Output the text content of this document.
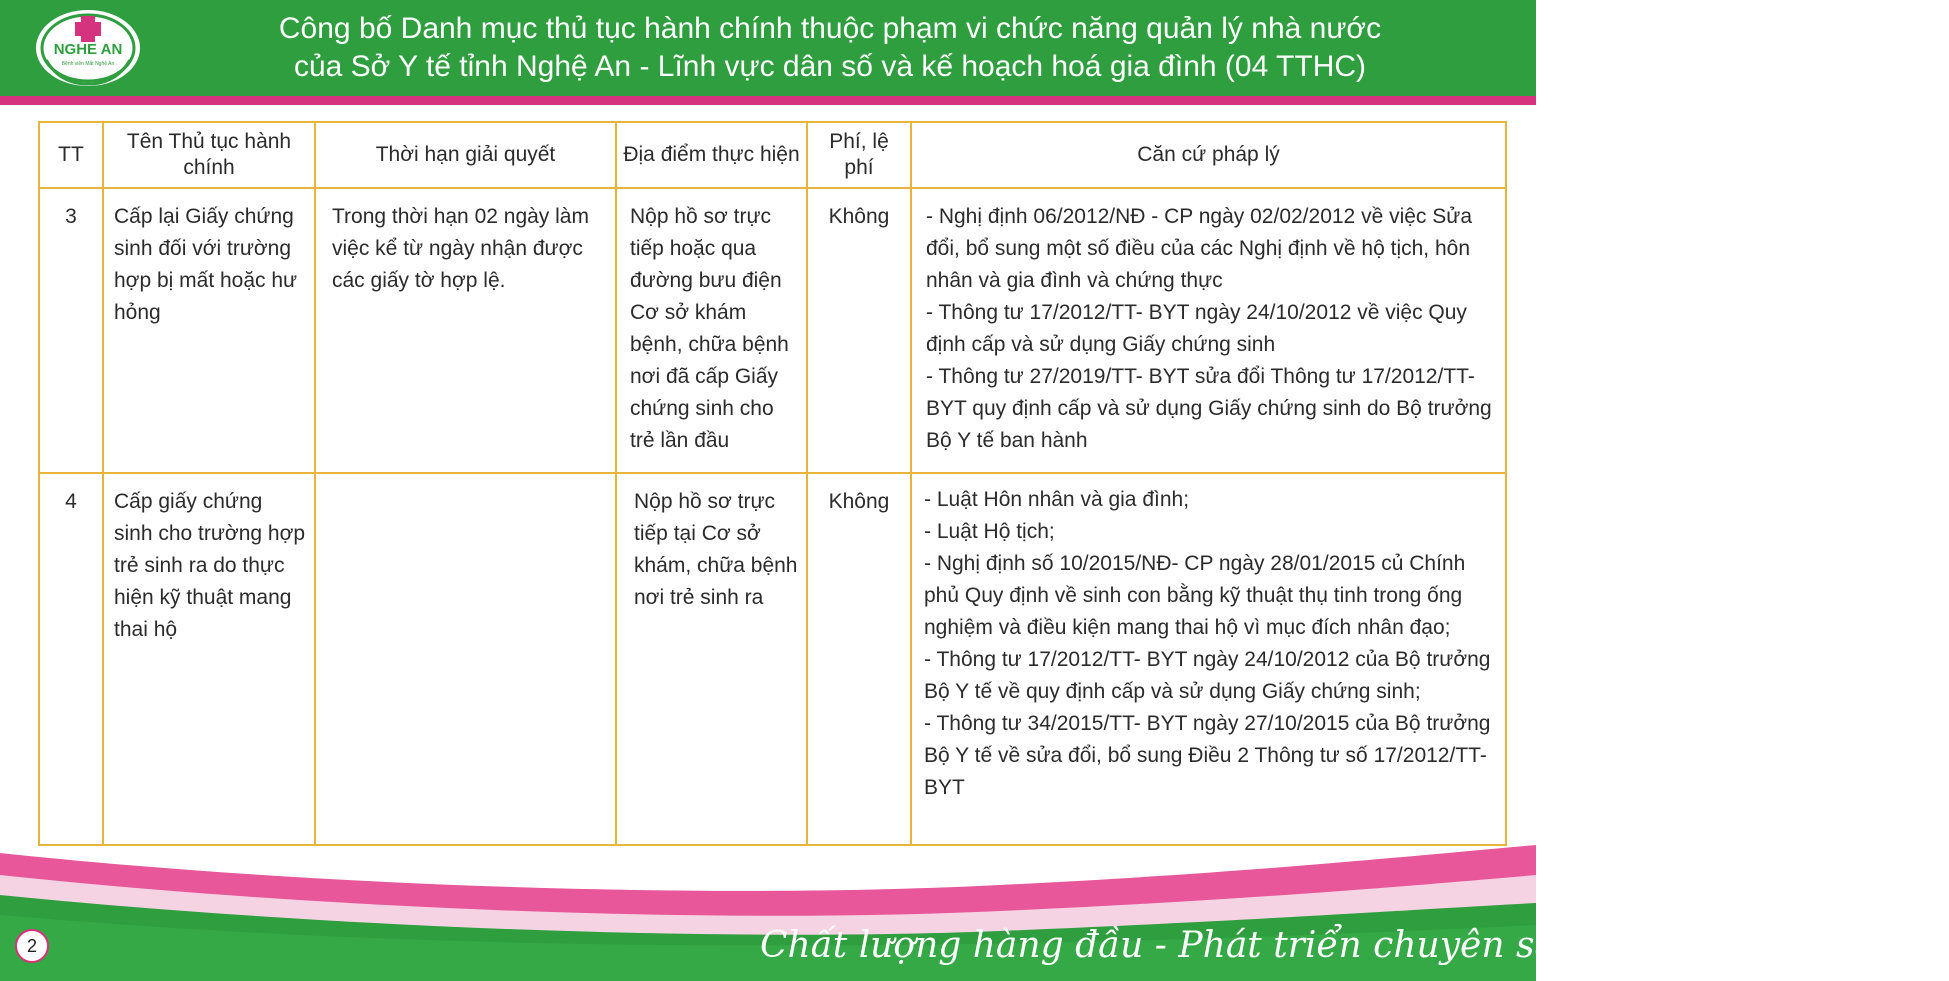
NGHE AN
Bệnh viện Mắt Nghệ An
Công bố Danh mục thủ tục hành chính thuộc phạm vi chức năng quản lý nhà nước
của Sở Y tế tỉnh Nghệ An - Lĩnh vực dân số và kế hoạch hoá gia đình (04 TTHC)
TT	Tên Thủ tục hành chính	Thời hạn giải quyết	Địa điểm thực hiện	Phí, lệ phí	Căn cứ pháp lý
3	Cấp lại Giấy chứng sinh đối với trường hợp bị mất hoặc hư hỏng	Trong thời hạn 02 ngày làm việc kể từ ngày nhận được các giấy tờ hợp lệ.	Nộp hồ sơ trực tiếp hoặc qua đường bưu điện Cơ sở khám bệnh, chữa bệnh nơi đã cấp Giấy chứng sinh cho trẻ lần đầu	Không	- Nghị định 06/2012/NĐ - CP ngày 02/02/2012 về việc Sửa đổi, bổ sung một số điều của các Nghị định về hộ tịch, hôn nhân và gia đình và chứng thực
- Thông tư 17/2012/TT- BYT ngày 24/10/2012 về việc Quy định cấp và sử dụng Giấy chứng sinh
- Thông tư 27/2019/TT- BYT sửa đổi Thông tư 17/2012/TT-BYT quy định cấp và sử dụng Giấy chứng sinh do Bộ trưởng Bộ Y tế ban hành

4	Cấp giấy chứng sinh cho trường hợp trẻ sinh ra do thực hiện kỹ thuật mang thai hộ		Nộp hồ sơ trực tiếp tại Cơ sở khám, chữa bệnh nơi trẻ sinh ra	Không	- Luật Hôn nhân và gia đình;
- Luật Hộ tịch;
- Nghị định số 10/2015/NĐ- CP ngày 28/01/2015 củ Chính phủ Quy định về sinh con bằng kỹ thuật thụ tinh trong ống nghiệm và điều kiện mang thai hộ vì mục đích nhân đạo;
- Thông tư 17/2012/TT- BYT ngày 24/10/2012 của Bộ trưởng Bộ Y tế về quy định cấp và sử dụng Giấy chứng sinh;
- Thông tư 34/2015/TT- BYT ngày 27/10/2015 của Bộ trưởng Bộ Y tế về sửa đổi, bổ sung Điều 2 Thông tư số 17/2012/TT-BYT
2	Chất lượng hàng đầu - Phát triển chuyên sâu - Nâng tầm cao mới
